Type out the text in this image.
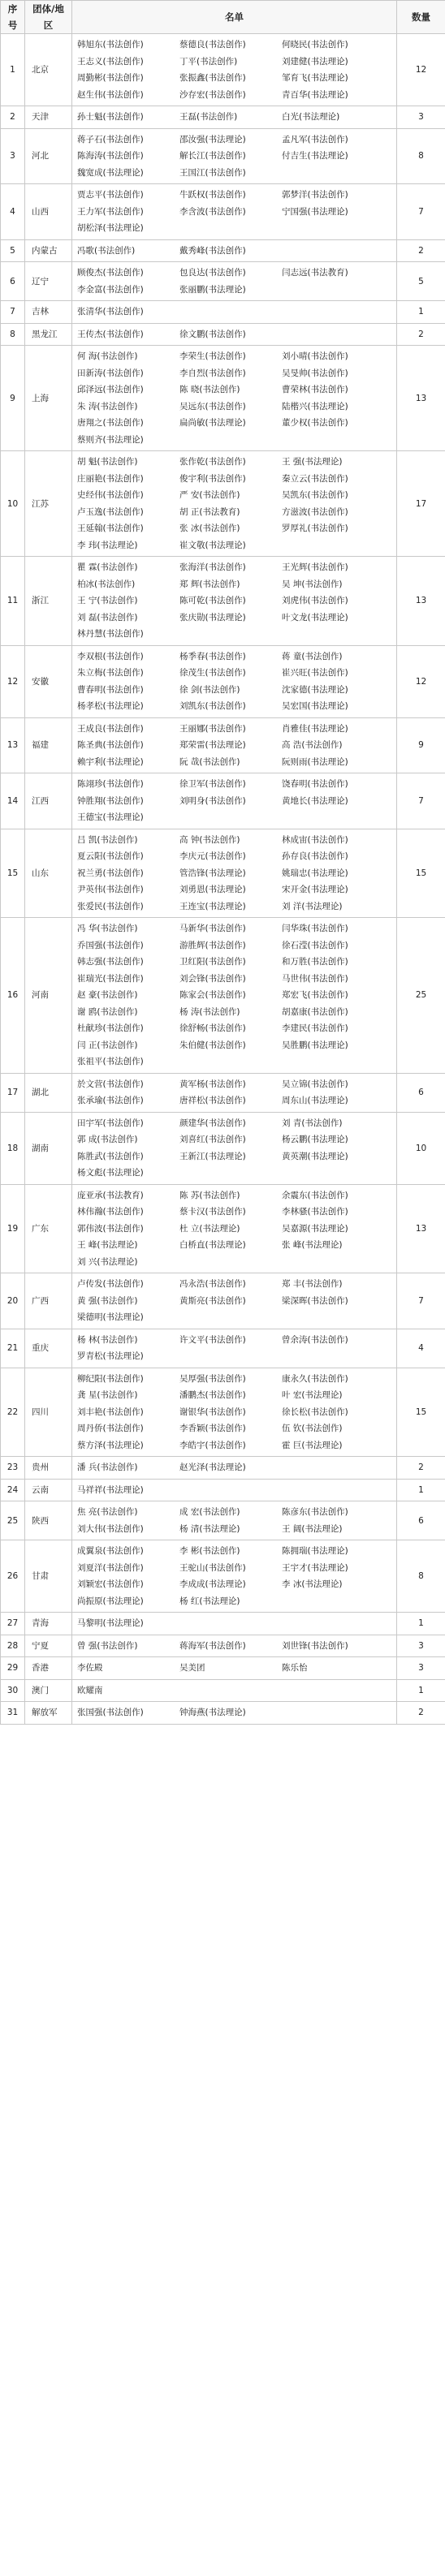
序号	团体/地区	名单	数量
1	北京	韩旭东(书法创作) 蔡德良(书法创作) 何晓民(书法创作)王志义(书法创作) 丁平(书法创作) 刘建健(书法理论)周勤彬(书法创作) 张振鑫(书法创作) 邹育飞(书法理论)赵生伟(书法创作) 沙存宏(书法创作) 青百华(书法理论)	12
2	天津	孙士魁(书法创作) 王磊(书法创作) 白光(书法理论)	3
3	河北	蒋子石(书法创作) 邵汝强(书法理论) 孟凡军(书法创作)陈海涛(书法创作) 解长江(书法创作) 付吉生(书法理论)魏宽成(书法理论) 王国江(书法创作)	8
4	山西	贾志平(书法创作) 牛跃权(书法创作) 郭梦洋(书法创作)王力军(书法创作) 李含波(书法创作) 宁国强(书法理论)胡松泽(书法理论)	7
5	内蒙古	冯歌(书法创作) 戴秀峰(书法创作)	2
6	辽宁	顾俊杰(书法创作) 包良达(书法创作) 闫志远(书法教育)李金富(书法创作) 张丽鹏(书法理论)	5
7	吉林	张清华(书法创作)	1
8	黑龙江	王传杰(书法创作) 徐文鹏(书法创作)	2
9	上海	何 海(书法创作) 李荣生(书法创作) 刘小晴(书法创作)田新涛(书法创作) 李自烈(书法创作) 吴旻帅(书法创作)邱泽远(书法创作) 陈 晓(书法创作) 曹荣林(书法创作)朱 涛(书法创作) 吴远东(书法创作) 陆楷兴(书法理论)唐翔之(书法创作) 扁尚敏(书法理论) 董少权(书法创作)蔡则齐(书法理论)	13
10	江苏	胡 魁(书法创作) 张作乾(书法创作) 王 强(书法理论)庄丽艳(书法创作) 俊宇利(书法创作) 秦立云(书法创作)史经伟(书法创作) 严 安(书法创作) 吴凯东(书法创作)卢玉逸(书法创作) 胡 正(书法教育) 方滋波(书法创作)王延翰(书法创作) 张 冰(书法创作) 罗厚礼(书法创作)李 玮(书法理论) 崔文敬(书法理论)	17
11	浙江	瞿 霖(书法创作) 张海洋(书法创作) 王光辉(书法创作)柏冰(书法创作) 郑 辉(书法创作) 吴 坤(书法创作)王 宁(书法创作) 陈可乾(书法创作) 刘虎伟(书法创作)刘 磊(书法创作) 张庆勋(书法理论) 叶文龙(书法理论)林丹慧(书法创作)	13
12	安徽	李双根(书法创作) 杨季春(书法创作) 蒋 童(书法创作)朱立梅(书法创作) 徐茂生(书法创作) 崔兴旺(书法创作)曹春明(书法创作) 徐 剑(书法创作) 沈家德(书法理论)杨孝松(书法理论) 刘凯东(书法创作) 吴宏国(书法理论)	12
13	福建	王成良(书法创作) 王丽娜(书法创作) 肖雅佳(书法理论)陈圣典(书法创作) 郑荣雷(书法理论) 高 浩(书法创作)赖宇利(书法理论) 阮 哉(书法创作) 阮则雨(书法理论)	9
14	江西	陈翊珍(书法创作) 徐卫军(书法创作) 饶春明(书法创作)钟胜翔(书法创作) 刘明身(书法创作) 黄地长(书法理论)王德宝(书法理论)	7
15	山东	吕 凯(书法创作) 高 钟(书法创作) 林成宙(书法创作)夏云阳(书法创作) 李庆元(书法创作) 孙存良(书法创作)祝兰勇(书法创作) 管浩锋(书法理论) 姚瑞忠(书法理论)尹英伟(书法创作) 刘勇恩(书法理论) 宋开金(书法理论)张爱民(书法创作) 王连宝(书法理论) 刘 洋(书法理论)	15
16	河南	冯 华(书法创作) 马新华(书法创作) 闫华珠(书法创作)乔国强(书法创作) 游胜辉(书法创作) 徐石滢(书法创作)韩志强(书法创作) 卫红阳(书法创作) 和万胜(书法创作)崔瑞光(书法创作) 刘会锋(书法创作) 马世伟(书法创作)赵 豪(书法创作) 陈家会(书法创作) 郑宏飞(书法创作)谢 鸥(书法创作) 杨 涛(书法创作) 胡嘉康(书法创作)杜献珍(书法创作) 徐舒畅(书法创作) 李建民(书法创作)闫 正(书法创作) 朱伯健(书法创作) 吴胜鹏(书法理论)张祖平(书法创作)	25
17	湖北	於文营(书法创作) 黄军杨(书法创作) 吴立锦(书法创作)张承瑜(书法创作) 唐祥松(书法创作) 周东山(书法理论)	6
18	湖南	田宇军(书法创作) 颜建华(书法创作) 刘 青(书法创作)郭 成(书法创作) 刘喜红(书法创作) 杨云鹏(书法理论)陈胜武(书法创作) 王新江(书法理论) 黄英潮(书法理论)杨文彪(书法理论)	10
19	广东	庞亚承(书法教育) 陈 苏(书法创作) 余震东(书法创作)林伟瀚(书法创作) 蔡卡汉(书法创作) 李林骚(书法创作)郭伟波(书法创作) 杜 立(书法理论) 吴嘉源(书法理论)王 峰(书法理论) 白桥直(书法理论) 张 峰(书法理论)刘 兴(书法理论)	13
20	广西	卢传发(书法创作) 冯永浩(书法创作) 郑 丰(书法创作)黄 强(书法创作) 黄斯亮(书法创作) 梁深晖(书法创作)梁德明(书法理论)	7
21	重庆	杨 林(书法创作) 许文平(书法创作) 曾余涛(书法创作)罗青松(书法理论)	4
22	四川	柳纪阳(书法创作) 吴厚强(书法创作) 康永久(书法创作)龚 星(书法创作) 潘鹏杰(书法创作) 叶 宏(书法理论)刘丰艳(书法创作) 谢银华(书法创作) 徐长松(书法创作)周丹侨(书法创作) 李香颖(书法创作) 伍 钦(书法创作)蔡方泽(书法理论) 李皓宇(书法创作) 霍 巨(书法理论)	15
23	贵州	潘 兵(书法创作) 赵光泽(书法理论)	2
24	云南	马祥祥(书法理论)	1
25	陕西	焦 亮(书法创作) 成 宏(书法创作) 陈彦东(书法创作)刘大伟(书法创作) 杨 清(书法理论) 王 阔(书法理论)	6
26	甘肃	成翼泉(书法创作) 李 彬(书法创作) 陈拥瑞(书法理论)刘夏洋(书法创作) 王驼山(书法创作) 王宇才(书法理论)刘颖宏(书法创作) 李成成(书法理论) 李 冰(书法理论)尚振原(书法理论) 杨 红(书法理论)	8
27	青海	马黎明(书法理论)	1
28	宁夏	曾 强(书法创作) 蒋海军(书法创作) 刘世锋(书法创作)	3
29	香港	李佐殿 吴美团 陈乐怡	3
30	澳门	欧耀南	1
31	解放军	张国强(书法创作) 钟海燕(书法理论)	2
